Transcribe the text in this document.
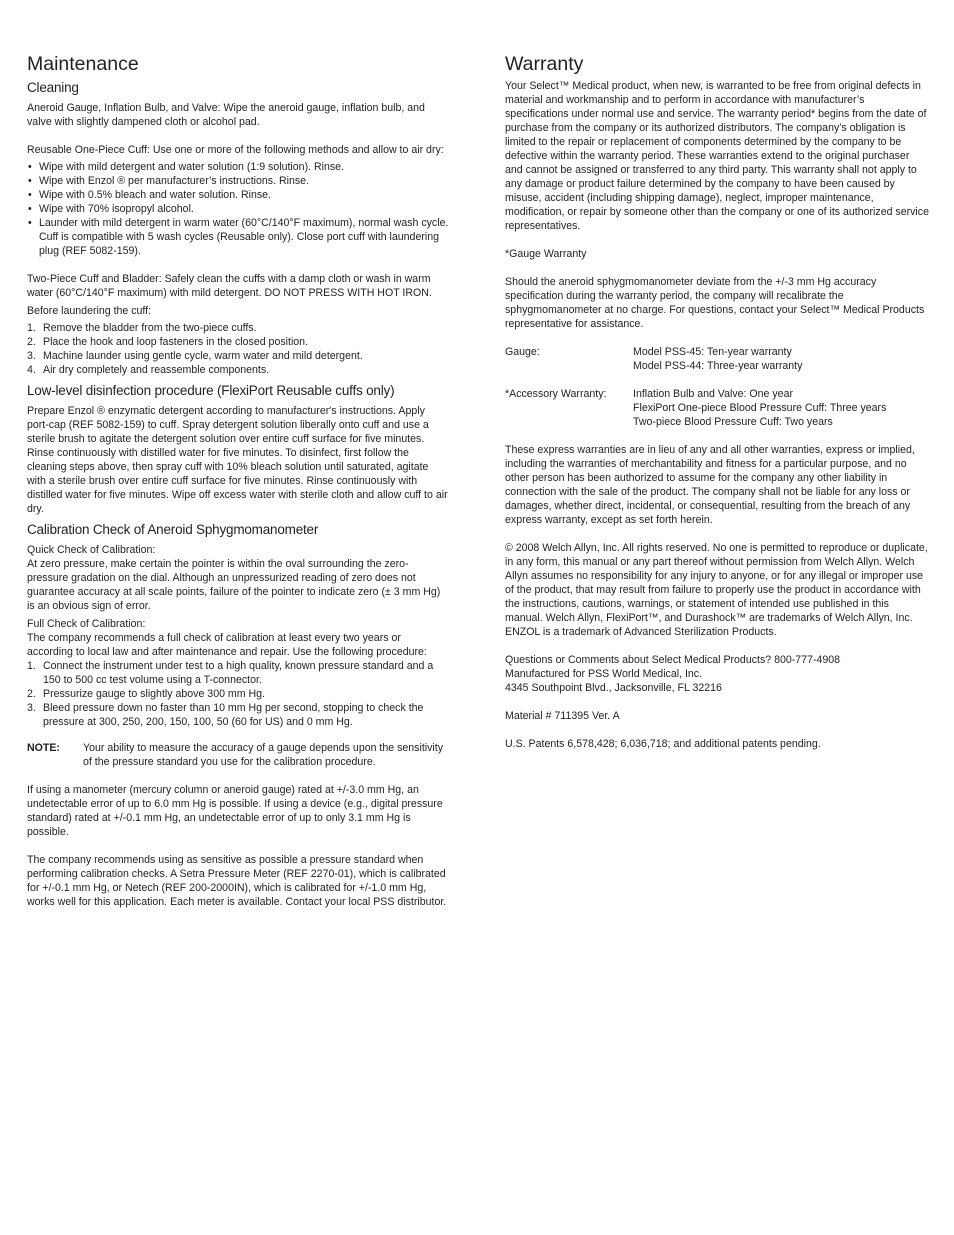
Maintenance
Cleaning

Aneroid Gauge, Inflation Bulb, and Valve: Wipe the aneroid gauge, inflation bulb, and valve with slightly dampened cloth or alcohol pad.

Reusable One-Piece Cuff: Use one or more of the following methods and allow to air dry:

• Wipe with mild detergent and water solution (1:9 solution). Rinse.
• Wipe with Enzol ® per manufacturer’s instructions. Rinse.
• Wipe with 0.5% bleach and water solution. Rinse.
• Wipe with 70% isopropyl alcohol.
• Launder with mild detergent in warm water (60°C/140°F maximum), normal wash cycle. Cuff is compatible with 5 wash cycles (Reusable only). Close port cuff with laundering plug (REF 5082-159).

Two-Piece Cuff and Bladder: Safely clean the cuffs with a damp cloth or wash in warm water (60°C/140°F maximum) with mild detergent. DO NOT PRESS WITH HOT IRON.

Before laundering the cuff:

1. Remove the bladder from the two-piece cuffs.
2. Place the hook and loop fasteners in the closed position.
3. Machine launder using gentle cycle, warm water and mild detergent.
4. Air dry completely and reassemble components.
Low-level disinfection procedure (FlexiPort Reusable cuffs only)

Prepare Enzol ® enzymatic detergent according to manufacturer's instructions. Apply port-cap (REF 5082-159) to cuff. Spray detergent solution liberally onto cuff and use a sterile brush to agitate the detergent solution over entire cuff surface for five minutes. Rinse continuously with distilled water for five minutes. To disinfect, first follow the cleaning steps above, then spray cuff with 10% bleach solution until saturated, agitate with a sterile brush over entire cuff surface for five minutes. Rinse continuously with distilled water for five minutes. Wipe off excess water with sterile cloth and allow cuff to air dry.

Calibration Check of Aneroid Sphygmomanometer

Quick Check of Calibration:

At zero pressure, make certain the pointer is within the oval surrounding the zero-pressure gradation on the dial. Although an unpressurized reading of zero does not guarantee accuracy at all scale points, failure of the pointer to indicate zero (± 3 mm Hg) is an obvious sign of error.

Full Check of Calibration:

The company recommends a full check of calibration at least every two years or according to local law and after maintenance and repair. Use the following procedure:

1. Connect the instrument under test to a high quality, known pressure standard and a 150 to 500 cc test volume using a T-connector.
2. Pressurize gauge to slightly above 300 mm Hg.
3. Bleed pressure down no faster than 10 mm Hg per second, stopping to check the pressure at 300, 250, 200, 150, 100, 50 (60 for US) and 0 mm Hg.
NOTE:	Your ability to measure the accuracy of a gauge depends upon the sensitivity of the pressure standard you use for the calibration procedure.

If using a manometer (mercury column or aneroid gauge) rated at +/-3.0 mm Hg, an undetectable error of up to 6.0 mm Hg is possible. If using a device (e.g., digital pressure standard) rated at +/-0.1 mm Hg, an undetectable error of up to only 3.1 mm Hg is possible.

The company recommends using as sensitive as possible a pressure standard when performing calibration checks. A Setra Pressure Meter (REF 2270-01), which is calibrated for +/-0.1 mm Hg, or Netech (REF 200-2000IN), which is calibrated for +/-1.0 mm Hg, works well for this application. Each meter is available. Contact your local PSS distributor.

Warranty

Your Select™ Medical product, when new, is warranted to be free from original defects in material and workmanship and to perform in accordance with manufacturer’s specifications under normal use and service. The warranty period* begins from the date of purchase from the company or its authorized distributors. The company’s obligation is limited to the repair or replacement of components determined by the company to be defective within the warranty period. These warranties extend to the original purchaser and cannot be assigned or transferred to any third party. This warranty shall not apply to any damage or product failure determined by the company to have been caused by misuse, accident (including shipping damage), neglect, improper maintenance, modification, or repair by someone other than the company or one of its authorized service representatives.

*Gauge Warranty

Should the aneroid sphygmomanometer deviate from the +/-3 mm Hg accuracy specification during the warranty period, the company will recalibrate the sphygmomanometer at no charge. For questions, contact your Select™ Medical Products representative for assistance.

Gauge:	Model PSS-45: Ten-year warranty
Model PSS-44: Three-year warranty
*Accessory Warranty:	Inflation Bulb and Valve: One year
FlexiPort One-piece Blood Pressure Cuff: Three years
Two-piece Blood Pressure Cuff: Two years

These express warranties are in lieu of any and all other warranties, express or implied, including the warranties of merchantability and fitness for a particular purpose, and no other person has been authorized to assume for the company any other liability in connection with the sale of the product. The company shall not be liable for any loss or damages, whether direct, incidental, or consequential, resulting from the breach of any express warranty, except as set forth herein.

© 2008 Welch Allyn, Inc. All rights reserved. No one is permitted to reproduce or duplicate, in any form, this manual or any part thereof without permission from Welch Allyn. Welch Allyn assumes no responsibility for any injury to anyone, or for any illegal or improper use of the product, that may result from failure to properly use the product in accordance with the instructions, cautions, warnings, or statement of intended use published in this manual. Welch Allyn, FlexiPort™, and Durashock™ are trademarks of Welch Allyn, Inc. ENZOL is a trademark of Advanced Sterilization Products.

Questions or Comments about Select Medical Products? 800-777-4908

Manufactured for PSS World Medical, Inc.

4345 Southpoint Blvd., Jacksonville, FL 32216

Material # 711395 Ver. A

U.S. Patents 6,578,428; 6,036,718; and additional patents pending.
